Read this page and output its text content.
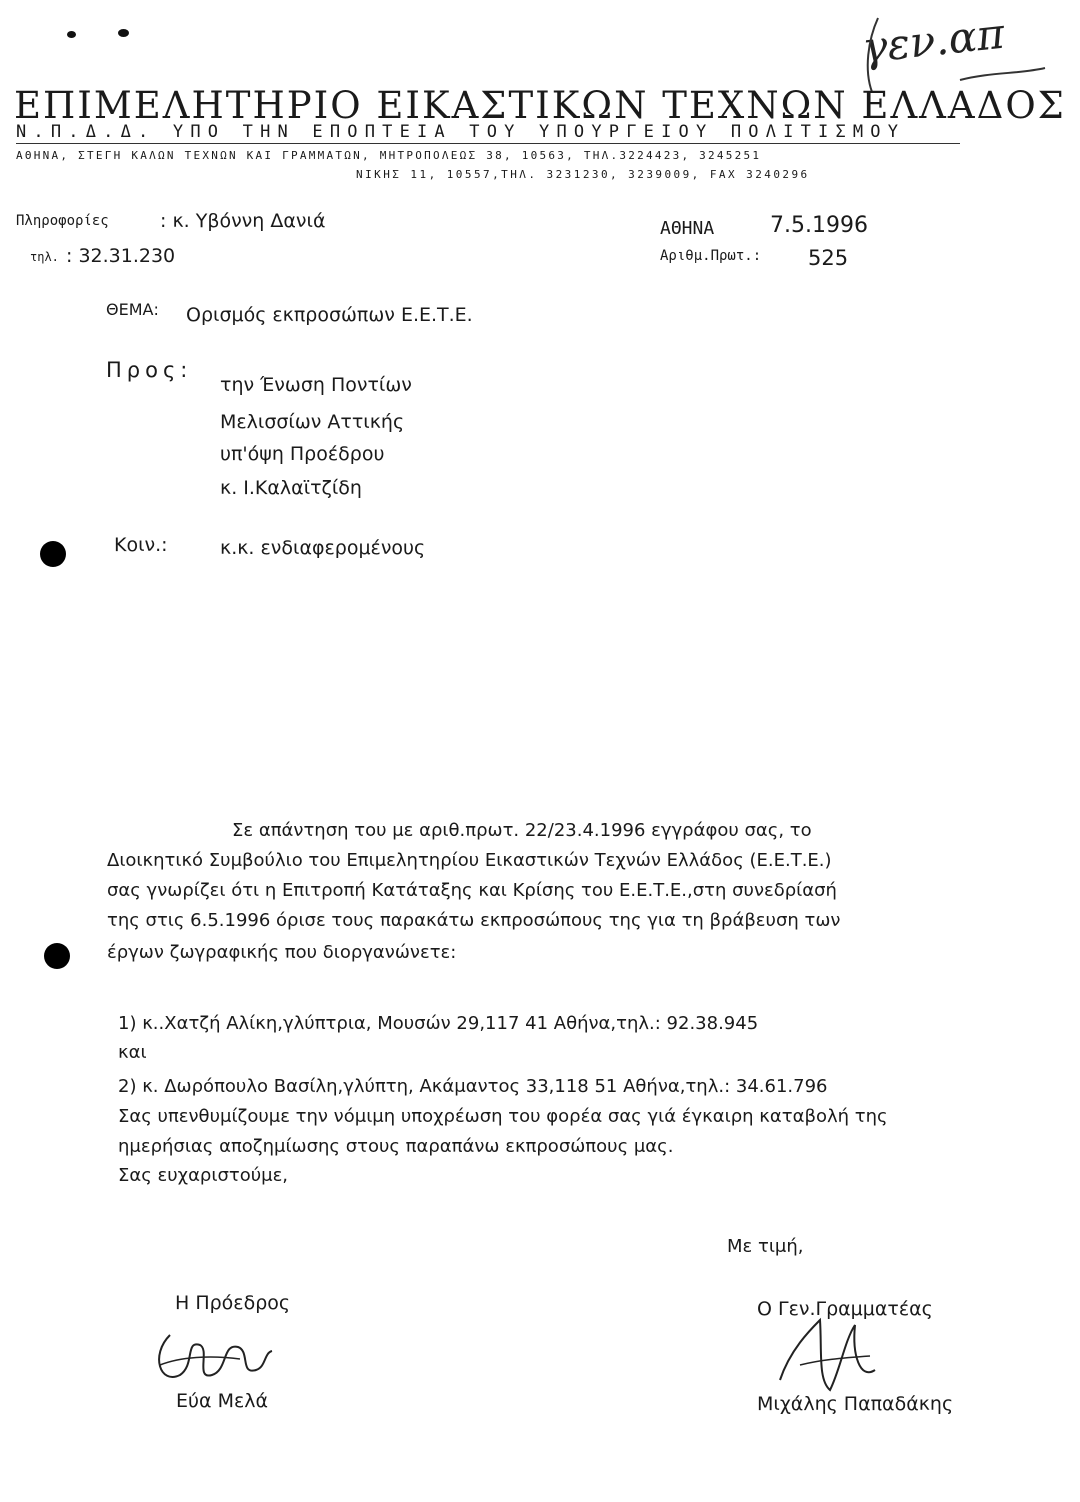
γεν.απ
ΕΠΙΜΕΛΗΤΗΡΙΟ ΕΙΚΑΣΤΙΚΩΝ ΤΕΧΝΩΝ ΕΛΛΑΔΟΣ
Ν.Π.Δ.Δ. ΥΠΟ ΤΗΝ ΕΠΟΠΤΕΙΑ ΤΟΥ ΥΠΟΥΡΓΕΙΟΥ ΠΟΛΙΤΙΣΜΟΥ
ΑΘΗΝΑ, ΣΤΕΓΗ ΚΑΛΩΝ ΤΕΧΝΩΝ ΚΑΙ ΓΡΑΜΜΑΤΩΝ, ΜΗΤΡΟΠΟΛΕΩΣ 38, 10563, ΤΗΛ.3224423, 3245251
ΝΙΚΗΣ 11, 10557,ΤΗΛ. 3231230, 3239009, FAX 3240296
Πληροφορίες	: κ. Υβόννη Δανιά
τηλ. : 32.31.230
ΑΘΗΝΑ	7.5.1996
Αριθμ.Πρωτ.: 525
ΘΕΜΑ: Ορισμός εκπροσώπων Ε.Ε.Τ.Ε.
Προς:
την Ένωση Ποντίων
Μελισσίων Αττικής
υπ'όψη Προέδρου
κ. Ι.Καλαϊτζίδη
Κοιν.:	κ.κ. ενδιαφερομένους
Σε απάντηση του με αριθ.πρωτ. 22/23.4.1996 εγγράφου σας, το
Διοικητικό Συμβούλιο του Επιμελητηρίου Εικαστικών Τεχνών Ελλάδος (Ε.Ε.Τ.Ε.)
σας γνωρίζει ότι η Επιτροπή Κατάταξης και Κρίσης του Ε.Ε.Τ.Ε.,στη συνεδρίασή
της στις 6.5.1996 όρισε τους παρακάτω εκπροσώπους της για τη βράβευση των
έργων ζωγραφικής που διοργανώνετε:
1) κ..Χατζή Αλίκη,γλύπτρια, Μουσών 29,117 41 Αθήνα,τηλ.: 92.38.945
και
2) κ. Δωρόπουλο Βασίλη,γλύπτη, Ακάμαντος 33,118 51 Αθήνα,τηλ.: 34.61.796
Σας υπενθυμίζουμε την νόμιμη υποχρέωση του φορέα σας γιά έγκαιρη καταβολή της
ημερήσιας αποζημίωσης στους παραπάνω εκπροσώπους μας.
Σας ευχαριστούμε,
Με τιμή,
Η Πρόεδρος
Εύα Μελά
Ο Γεν.Γραμματέας
Μιχάλης Παπαδάκης
